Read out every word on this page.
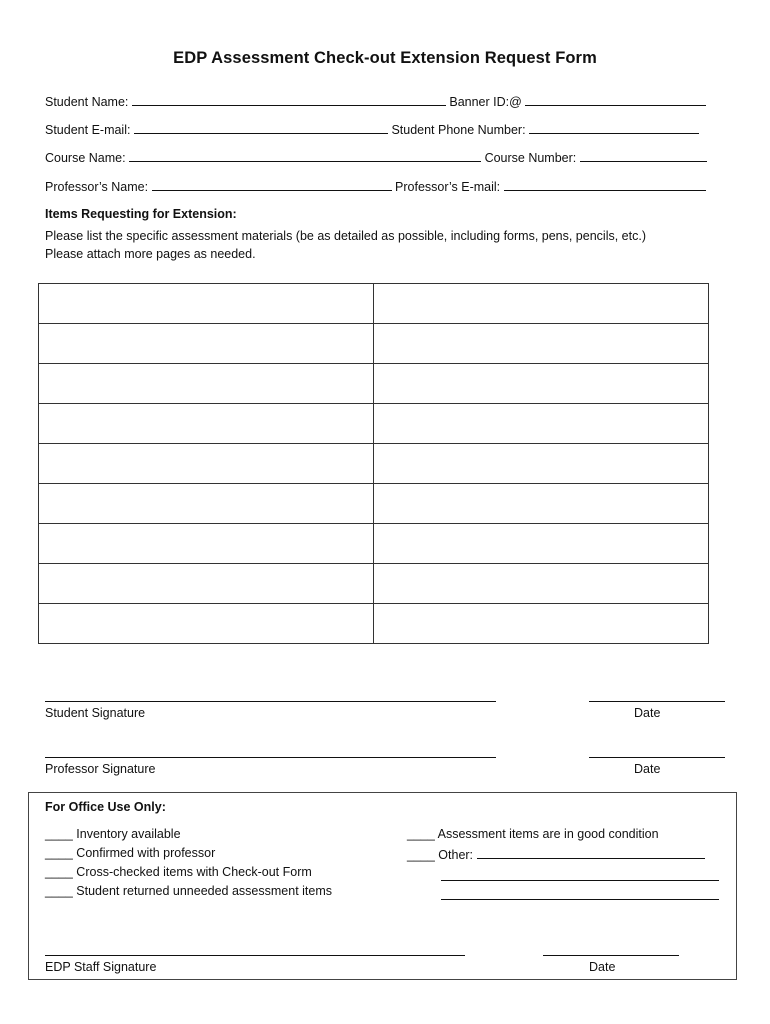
EDP Assessment Check-out Extension Request Form
Student Name:	Banner ID:@
Student E-mail:	Student Phone Number:
Course Name:	Course Number:
Professor’s Name:	Professor’s E-mail:
Items Requesting for Extension:
Please list the specific assessment materials (be as detailed as possible, including forms, pens, pencils, etc.)
Please attach more pages as needed.

Student Signature	Date
Professor Signature	Date
For Office Use Only:
____ Inventory available
____ Confirmed with professor
____ Cross-checked items with Check-out Form
____ Student returned unneeded assessment items
____ Assessment items are in good condition
____ Other:
EDP Staff Signature	Date
